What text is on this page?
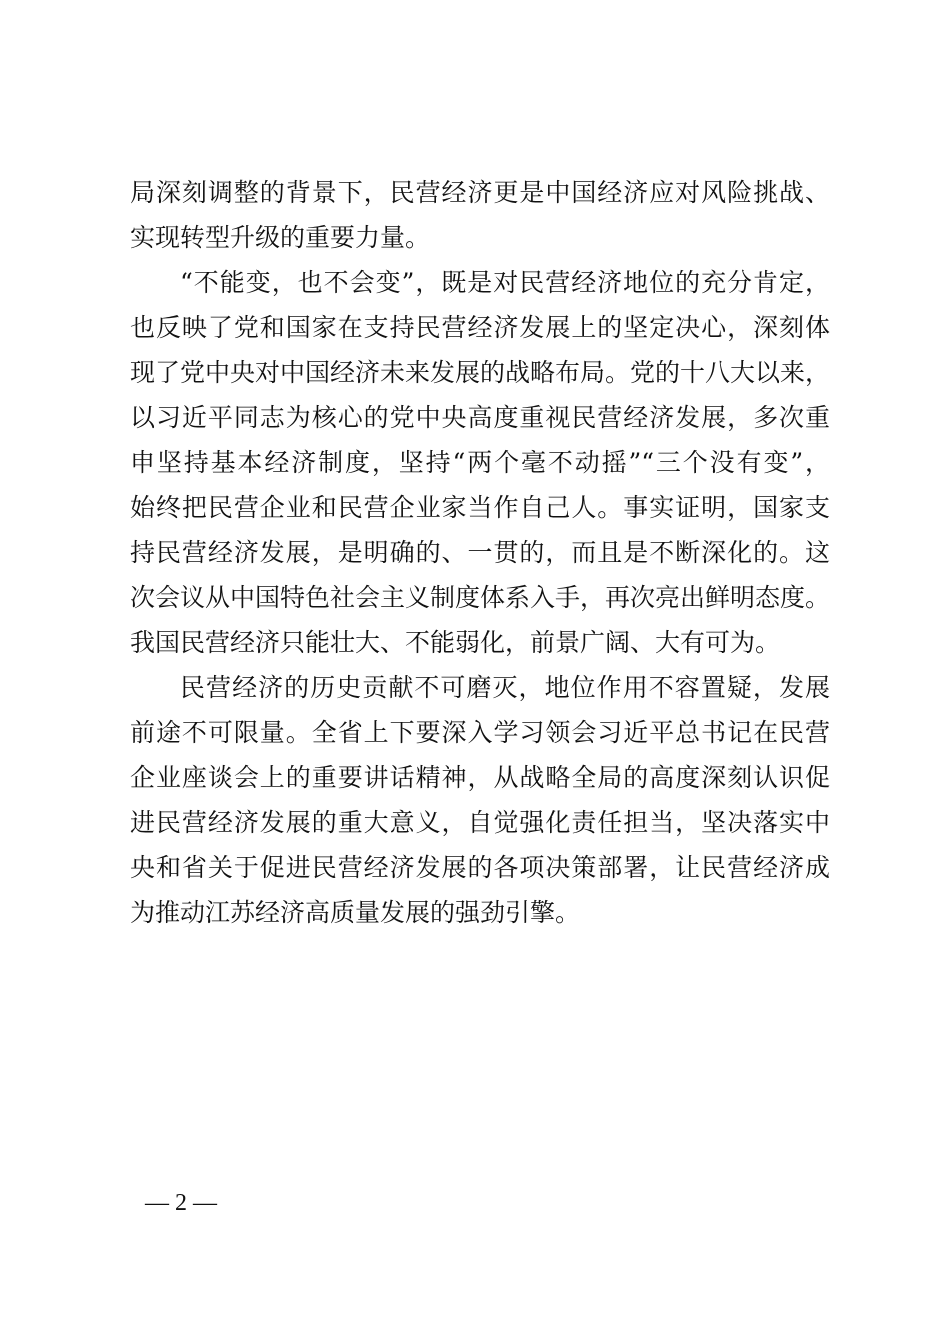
局深刻调整的背景下，民营经济更是中国经济应对风险挑战、
实现转型升级的重要力量。
“不能变，也不会变”，既是对民营经济地位的充分肯定，
也反映了党和国家在支持民营经济发展上的坚定决心，深刻体
现了党中央对中国经济未来发展的战略布局。党的十八大以来，
以习近平同志为核心的党中央高度重视民营经济发展，多次重
申坚持基本经济制度，坚持“两个毫不动摇”“三个没有变”，
始终把民营企业和民营企业家当作自己人。事实证明，国家支
持民营经济发展，是明确的、一贯的，而且是不断深化的。这
次会议从中国特色社会主义制度体系入手，再次亮出鲜明态度。
我国民营经济只能壮大、不能弱化，前景广阔、大有可为。
民营经济的历史贡献不可磨灭，地位作用不容置疑，发展
前途不可限量。全省上下要深入学习领会习近平总书记在民营
企业座谈会上的重要讲话精神，从战略全局的高度深刻认识促
进民营经济发展的重大意义，自觉强化责任担当，坚决落实中
央和省关于促进民营经济发展的各项决策部署，让民营经济成
为推动江苏经济高质量发展的强劲引擎。
— 2 —
